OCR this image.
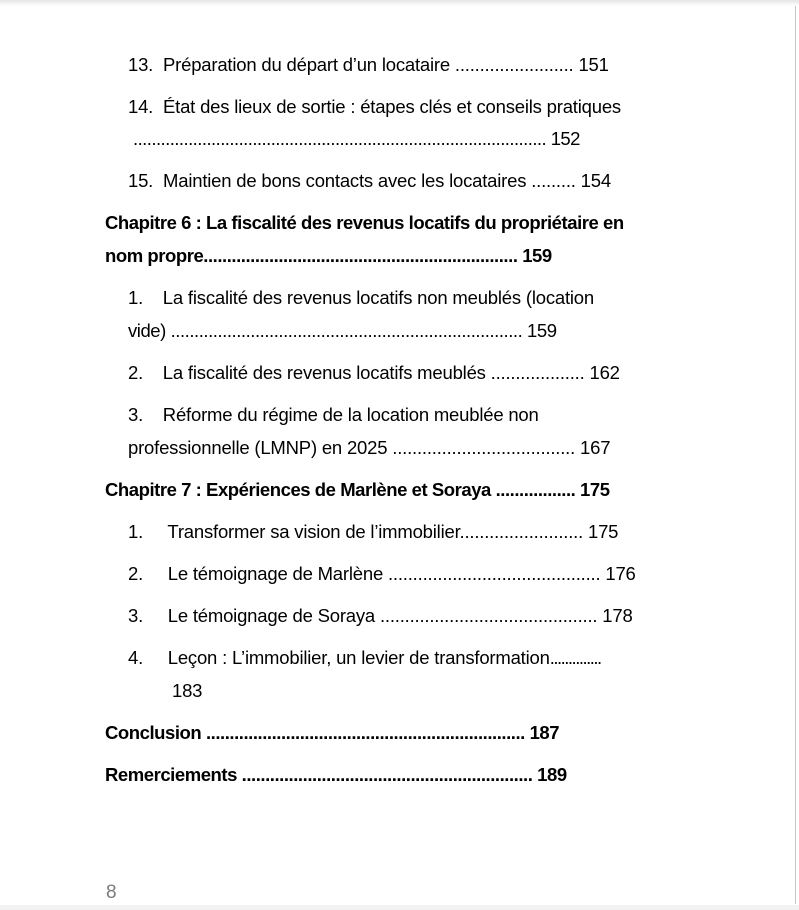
13. Préparation du départ d’un locataire ........................ 151
14. État des lieux de sortie : étapes clés et conseils pratiques
.......................................................................................... 152
15. Maintien de bons contacts avec les locataires ......... 154
Chapitre 6 : La fiscalité des revenus locatifs du propriétaire en
nom propre................................................................... 159
1. La fiscalité des revenus locatifs non meublés (location
vide) ........................................................................... 159
2. La fiscalité des revenus locatifs meublés ................... 162
3. Réforme du régime de la location meublée non
professionnelle (LMNP) en 2025 ..................................... 167
Chapitre 7 : Expériences de Marlène et Soraya ................. 175
1. Transformer sa vision de l’immobilier......................... 175
2. Le témoignage de Marlène ........................................... 176
3. Le témoignage de Soraya ............................................ 178
4. Leçon : L’immobilier, un levier de transformation..............
183
Conclusion .................................................................... 187
Remerciements .............................................................. 189
8
